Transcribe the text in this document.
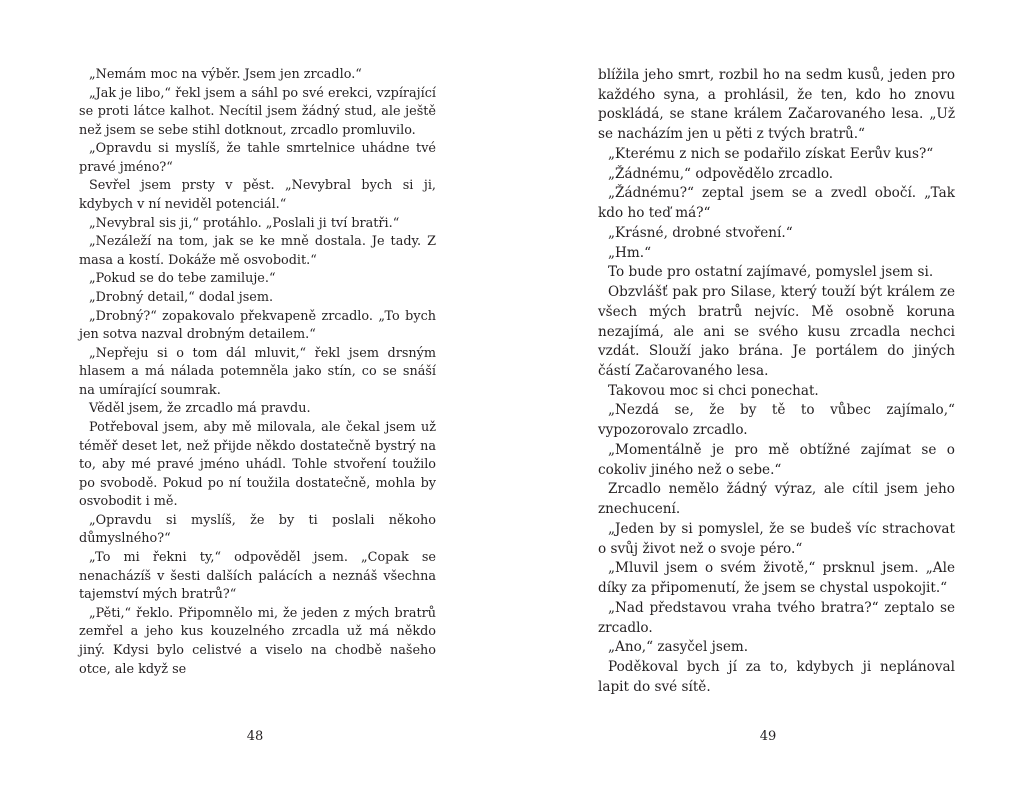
„Nemám moc na výběr. Jsem jen zrcadlo.“

„Jak je libo,“ řekl jsem a sáhl po své erekci, vzpírající se proti látce kalhot. Necítil jsem žádný stud, ale ještě než jsem se sebe stihl dotknout, zrcadlo promluvilo.

„Opravdu si myslíš, že tahle smrtelnice uhádne tvé pravé jméno?“

Sevřel jsem prsty v pěst. „Nevybral bych si ji, kdybych v ní neviděl potenciál.“

„Nevybral sis ji,“ protáhlo. „Poslali ji tví bratři.“

„Nezáleží na tom, jak se ke mně dostala. Je tady. Z masa a kostí. Dokáže mě osvobodit.“

„Pokud se do tebe zamiluje.“

„Drobný detail,“ dodal jsem.

„Drobný?“ zopakovalo překvapeně zrcadlo. „To bych jen sotva nazval drobným detailem.“

„Nepřeju si o tom dál mluvit,“ řekl jsem drsným hlasem a má nálada potemněla jako stín, co se snáší na umírající soumrak.

Věděl jsem, že zrcadlo má pravdu.

Potřeboval jsem, aby mě milovala, ale čekal jsem už téměř deset let, než přijde někdo dostatečně bystrý na to, aby mé pravé jméno uhádl. Tohle stvoření toužilo po svobodě. Pokud po ní toužila dostatečně, mohla by osvobodit i mě.

„Opravdu si myslíš, že by ti poslali někoho důmyslného?“

„To mi řekni ty,“ odpověděl jsem. „Copak se nenacházíš v šesti dalších palácích a neznáš všechna tajemství mých bratrů?“

„Pěti,“ řeklo. Připomnělo mi, že jeden z mých bratrů zemřel a jeho kus kouzelného zrcadla už má někdo jiný. Kdysi bylo celistvé a viselo na chodbě našeho otce, ale když se

48

blížila jeho smrt, rozbil ho na sedm kusů, jeden pro každého syna, a prohlásil, že ten, kdo ho znovu poskládá, se stane králem Začarovaného lesa. „Už se nacházím jen u pěti z tvých bratrů.“

„Kterému z nich se podařilo získat Eerův kus?“

„Žádnému,“ odpovědělo zrcadlo.

„Žádnému?“ zeptal jsem se a zvedl obočí. „Tak kdo ho teď má?“

„Krásné, drobné stvoření.“

„Hm.“

To bude pro ostatní zajímavé, pomyslel jsem si.

Obzvlášť pak pro Silase, který touží být králem ze všech mých bratrů nejvíc. Mě osobně koruna nezajímá, ale ani se svého kusu zrcadla nechci vzdát. Slouží jako brána. Je portálem do jiných částí Začarovaného lesa.

Takovou moc si chci ponechat.

„Nezdá se, že by tě to vůbec zajímalo,“ vypozorovalo zrcadlo.

„Momentálně je pro mě obtížné zajímat se o cokoliv jiného než o sebe.“

Zrcadlo nemělo žádný výraz, ale cítil jsem jeho znechucení.

„Jeden by si pomyslel, že se budeš víc strachovat o svůj život než o svoje péro.“

„Mluvil jsem o svém životě,“ prsknul jsem. „Ale díky za připomenutí, že jsem se chystal uspokojit.“

„Nad představou vraha tvého bratra?“ zeptalo se zrcadlo.

„Ano,“ zasyčel jsem.

Poděkoval bych jí za to, kdybych ji neplánoval lapit do své sítě.

49
